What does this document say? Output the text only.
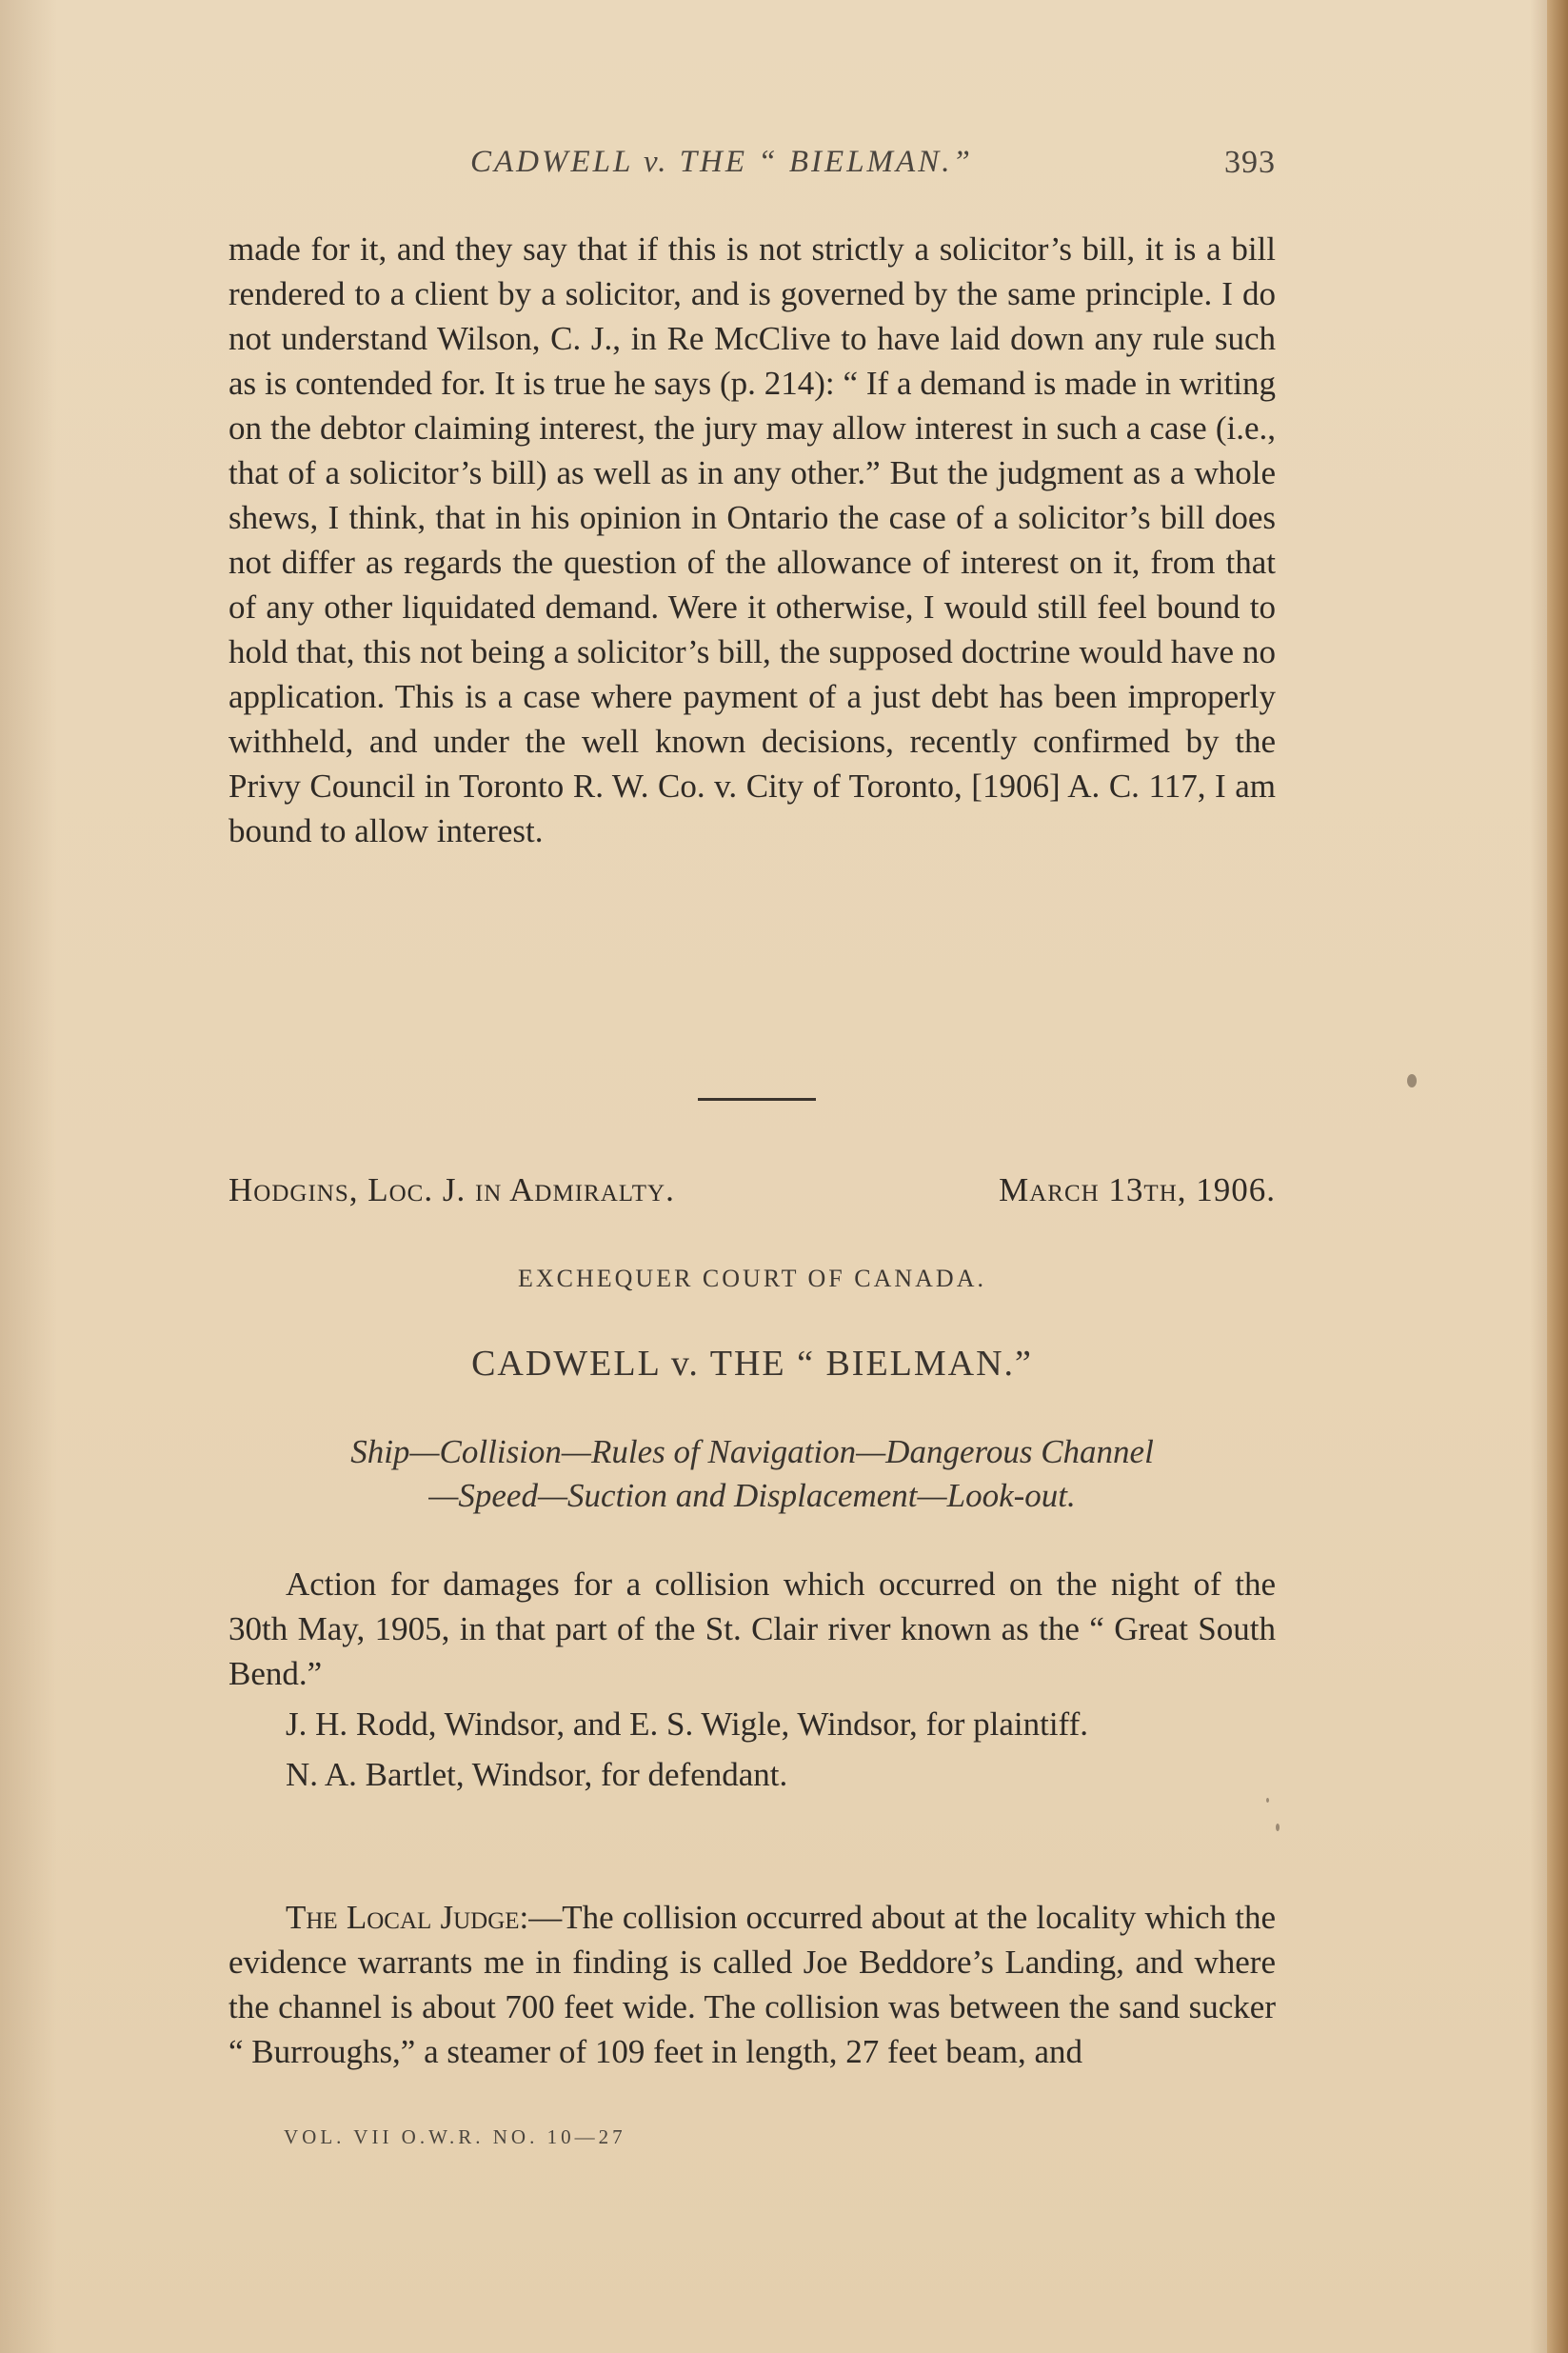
CADWELL v. THE “ BIELMAN.”	393

made for it, and they say that if this is not strictly a solicitor’s bill, it is a bill rendered to a client by a solicitor, and is governed by the same principle. I do not understand Wilson, C. J., in Re McClive to have laid down any rule such as is contended for. It is true he says (p. 214): “ If a demand is made in writing on the debtor claiming interest, the jury may allow interest in such a case (i.e., that of a solicitor’s bill) as well as in any other.” But the judgment as a whole shews, I think, that in his opinion in Ontario the case of a solicitor’s bill does not differ as regards the question of the allowance of interest on it, from that of any other liquidated demand. Were it otherwise, I would still feel bound to hold that, this not being a solicitor’s bill, the supposed doctrine would have no application. This is a case where payment of a just debt has been improperly withheld, and under the well known decisions, recently confirmed by the Privy Council in Toronto R. W. Co. v. City of Toronto, [1906] A. C. 117, I am bound to allow interest.

Hodgins, Loc. J. in Admiralty.	March 13th, 1906.
EXCHEQUER COURT OF CANADA.
CADWELL v. THE “ BIELMAN.”
Ship—Collision—Rules of Navigation—Dangerous Channel
—Speed—Suction and Displacement—Look-out.

Action for damages for a collision which occurred on the night of the 30th May, 1905, in that part of the St. Clair river known as the “ Great South Bend.”

J. H. Rodd, Windsor, and E. S. Wigle, Windsor, for plaintiff.

N. A. Bartlet, Windsor, for defendant.

The Local Judge:—The collision occurred about at the locality which the evidence warrants me in finding is called Joe Beddore’s Landing, and where the channel is about 700 feet wide. The collision was between the sand sucker “ Burroughs,” a steamer of 109 feet in length, 27 feet beam, and

VOL. VII O.W.R. NO. 10—27
